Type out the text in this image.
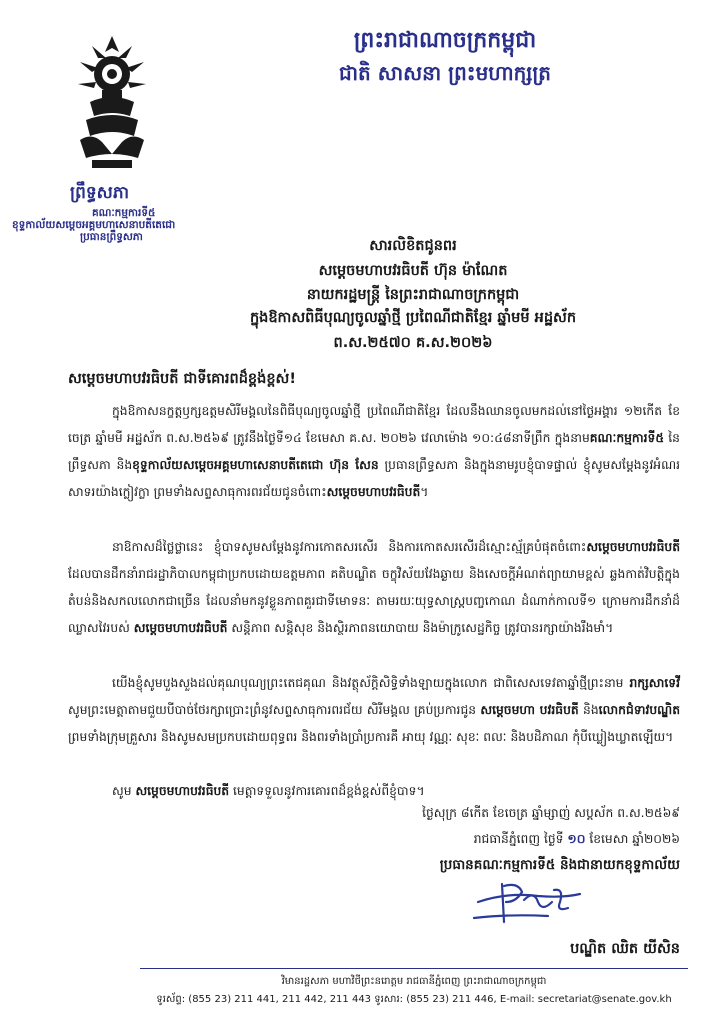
ព្រះរាជាណាចក្រកម្ពុជា
ជាតិ សាសនា ព្រះមហាក្សត្រ
ព្រឹទ្ធសភា
គណៈកម្មការទី៥
ខុទ្ទកាល័យសម្តេចអគ្គមហាសេនាបតីតេជោ
ប្រធានព្រឹទ្ធសភា
សារលិខិតជូនពរ
សម្តេចមហាបវរធិបតី ហ៊ុន ម៉ាណែត
នាយករដ្ឋមន្ត្រី នៃព្រះរាជាណាចក្រកម្ពុជា
ក្នុងឱកាសពិធីបុណ្យចូលឆ្នាំថ្មី ប្រពៃណីជាតិខ្មែរ ឆ្នាំមមី អដ្ឋស័ក
ព.ស.២៥៧០ គ.ស.២០២៦
សម្តេចមហាបវរធិបតី ជាទីគោរពដ៏ខ្ពង់ខ្ពស់!
ក្នុងឱកាសនក្ខត្តឫក្សឧត្តមសិរីមង្គលនៃពិធីបុណ្យចូលឆ្នាំថ្មី ប្រពៃណីជាតិខ្មែរ ដែលនឹងឈានចូលមកដល់នៅថ្ងៃអង្គារ ១២កើត ខែចេត្រ ឆ្នាំមមី អដ្ឋស័ក ព.ស.២៥៦៩ ត្រូវនឹងថ្ងៃទី១៤ ខែមេសា គ.ស. ២០២៦ វេលាម៉ោង ១០:៤៨នាទីព្រឹក ក្នុងនាមគណៈកម្មការទី៥ នៃព្រឹទ្ធសភា និងខុទ្ទកាល័យសម្តេចអគ្គមហាសេនាបតីតេជោ ហ៊ុន សែន ប្រធានព្រឹទ្ធសភា និងក្នុងនាមរូបខ្ញុំបាទផ្ទាល់ ខ្ញុំសូមសម្តែងនូវអំណរសាទរយ៉ាងក្លៀវក្លា ព្រមទាំងសព្ទសាធុការពរជ័យជូនចំពោះសម្តេចមហាបវរធិបតី។
នាឱកាសដ៏ថ្លៃថ្លានេះ ខ្ញុំបាទសូមសម្តែងនូវការកោតសរសើរ និងការកោតសរសើរដ៏ស្មោះស្ម័គ្របំផុតចំពោះសម្តេចមហាបវរធិបតី ដែលបានដឹកនាំរាជរដ្ឋាភិបាលកម្ពុជាប្រកបដោយឧត្តមភាព គតិបណ្ឌិត ចក្ខុវិស័យវែងឆ្ងាយ និងសេចក្តីអំណត់ព្យាយាមខ្ពស់ ឆ្លងកាត់វិបត្តិក្នុងតំបន់និងសកលលោកជាច្រើន ដែលនាំមកនូវខ្លួនភាពគួរជាទីមោទនៈ តាមរយៈយុទ្ធសាស្ត្របញ្ចកោណ ដំណាក់កាលទី១ ក្រោមការដឹកនាំដ៏ឈ្លាសវៃរបស់ សម្តេចមហាបវរធិបតី សន្តិភាព សន្តិសុខ និងស្ថិរភាពនយោបាយ និងម៉ាក្រូសេដ្ឋកិច្ច ត្រូវបានរក្សាយ៉ាងរឹងមាំ។
យើងខ្ញុំសូមបួងសួងដល់គុណបុណ្យព្រះតេជគុណ និងវត្ថុស័ក្តិសិទ្ធិទាំងឡាយក្នុងលោក ជាពិសេសទេវតាឆ្នាំថ្មីព្រះនាម រាក្សសាទេវី សូមព្រះមេត្តាតាមជួយបីបាច់ថែរក្សាប្រោះព្រំនូវសព្ទសាធុការពរជ័យ សិរីមង្គល គ្រប់ប្រការជូន សម្តេចមហា បវរធិបតី និងលោកជំទាវបណ្ឌិត ព្រមទាំងក្រុមគ្រួសារ និងសូមសមប្រកបដោយពុទ្ធពរ និងពរទាំងប្រាំប្រការគឺ អាយុ វណ្ណៈ សុខៈ ពលៈ និងបដិភាណ កុំបីឃ្លៀងឃ្លាតឡើយ។
សូម សម្តេចមហាបវរធិបតី មេត្តាទទួលនូវការគោរពដ៏ខ្ពង់ខ្ពស់ពីខ្ញុំបាទ។
ថ្ងៃសុក្រ ៨កើត ខែចេត្រ ឆ្នាំម្សាញ់ សប្តស័ក ព.ស.២៥៦៩
រាជធានីភ្នំពេញ ថ្ងៃទី ១០ ខែមេសា ឆ្នាំ២០២៦
ប្រធានគណៈកម្មការទី៥ និងជានាយកខុទ្ទកាល័យ
បណ្ឌិត ឈិត យីសិន
វិមានរដ្ឋសភា មហាវិថីព្រះនរោត្តម រាជធានីភ្នំពេញ ព្រះរាជាណាចក្រកម្ពុជា
ទូរស័ព្ទ: (855 23) 211 441, 211 442, 211 443 ទូរសារ: (855 23) 211 446, E-mail: secretariat@senate.gov.kh
